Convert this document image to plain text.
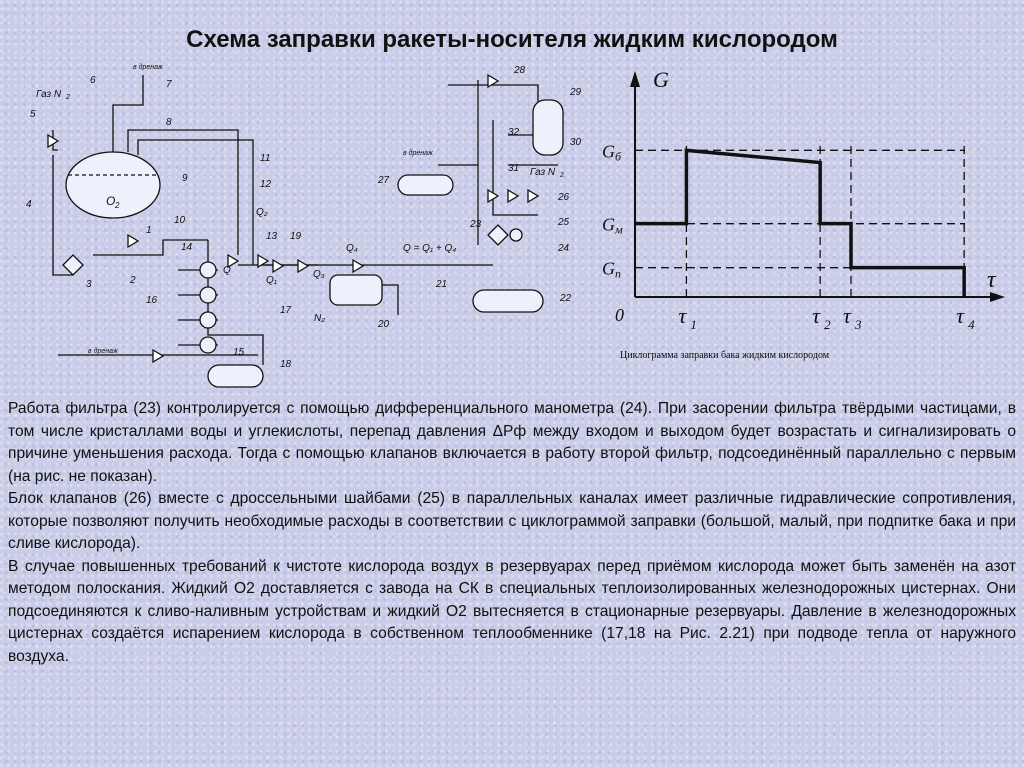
Схема заправки ракеты-носителя жидким кислородом
1
2
3
4
5
6	7
8
9
10
11
12
13
14
15
16
17
18
19
20
21
22
23
24
25
26
27
28
29
30
31
32
Газ N 2
Газ N 2
в дренаж
в дренаж
в дренаж
O 2
Q
Q₁
Q₂
Q₃
Q₄	Q = Q₁ + Q₄
N₂
G
τ
0
G б
G м
G п
τ 1	τ 2 τ 3	τ 4
Циклограмма заправки бака жидким кислородом

Работа фильтра (23) контролируется с помощью дифференциального манометра (24). При засорении фильтра твёрдыми частицами, в том числе кристаллами воды и углекислоты, перепад давления ΔPф между входом и выходом будет возрастать и сигнализировать о причине уменьшения расхода. Тогда с помощью клапанов включается в работу второй фильтр, подсоединённый параллельно с первым (на рис. не показан).

Блок клапанов (26) вместе с дроссельными шайбами (25) в параллельных каналах имеет различные гидравлические сопротивления, которые позволяют получить необходимые расходы в соответствии с циклограммой заправки (большой, малый, при подпитке бака и при сливе кислорода).

В случае повышенных требований к чистоте кислорода воздух в резервуарах перед приёмом кислорода может быть заменён на азот методом полоскания. Жидкий O2 доставляется с завода на СК в специальных теплоизолированных железнодорожных цистернах. Они подсоединяются к сливо-наливным устройствам и жидкий O2 вытесняется в стационарные резервуары. Давление в железнодорожных цистернах создаётся испарением кислорода в собственном теплообменнике (17,18 на Рис. 2.21) при подводе тепла от наружного воздуха.
